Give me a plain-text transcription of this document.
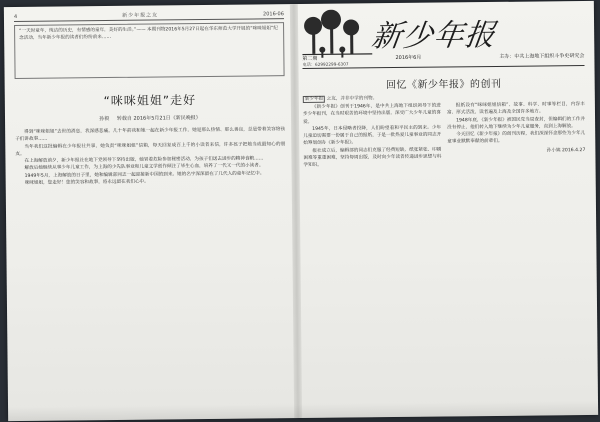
4	新少年报之友	2016-06

“一天时童年，纯洁的历史，有情感的童年，美好的生活。”—— 本期刊物2016年5月27日起在华东师范大学开展的“咪咪姐姐”纪念活动，当年新少年报的读者们纷纷前来……

“咪咪姐姐”走好
孙毅 转载自 2016年5月21日《新民晚报》

得到“咪咪姐姐”去世的消息，我深感悲痛。几十年前我和她一起在新少年报工作，她是那么热情、那么善良，总是带着笑容给孩子们讲故事……

当年我们这批编辑在少年报社共事，她负责“咪咪姐姐”信箱，每天回复成百上千的小读者来信，许多孩子把她当成最知心的朋友。

在上海解放前夕，新少年报社在地下党领导下坚持出版，她冒着危险参加秘密活动，为孩子们送去进步的精神食粮……

解放后她继续从事少年儿童工作，为上海的少先队事业和儿童文学创作倾注了毕生心血，培养了一代又一代的小读者。

1949年5月，上海解放的日子里，她和编辑部同志一起迎接新中国的到来。她的名字深深留在了几代人的童年记忆中。

咪咪姐姐，您走好！您的笑容和故事，将永远留在我们心中。

新少年报
第二期	2016年6月	主办：中共上海地下组织斗争史研究会
电话：62992299-6307
回忆《新少年报》的创刊
新少年报 之友，并非中学的刊物。

《新少年报》创刊于1946年，是中共上海地下组织领导下的进步少年报刊，在当时艰苦的环境中坚持出版，深受广大少年儿童的喜爱。

1945年，日本侵略者投降，人们盼望着和平民主的到来。少年儿童迫切需要一份属于自己的报纸，于是一批热爱儿童事业的同志开始筹划创办《新少年报》。

报社成立后，编辑部的同志们克服了经费短缺、纸张紧张、印刷困难等重重困难，坚持每周出版，及时向少年读者传递进步思想与科学知识。

报纸设有“咪咪姐姐信箱”、故事、科学、时事等栏目，内容丰富、形式活泼，读者遍及上海及全国许多地方。

1948年底，《新少年报》被国民党当局查封，但编辑们的工作并没有停止，他们转入地下继续为少年儿童服务，直到上海解放。

今天回忆《新少年报》的创刊历程，我们深深怀念那些为少年儿童事业默默奉献的前辈们。

孙小姨 2016.4.27
